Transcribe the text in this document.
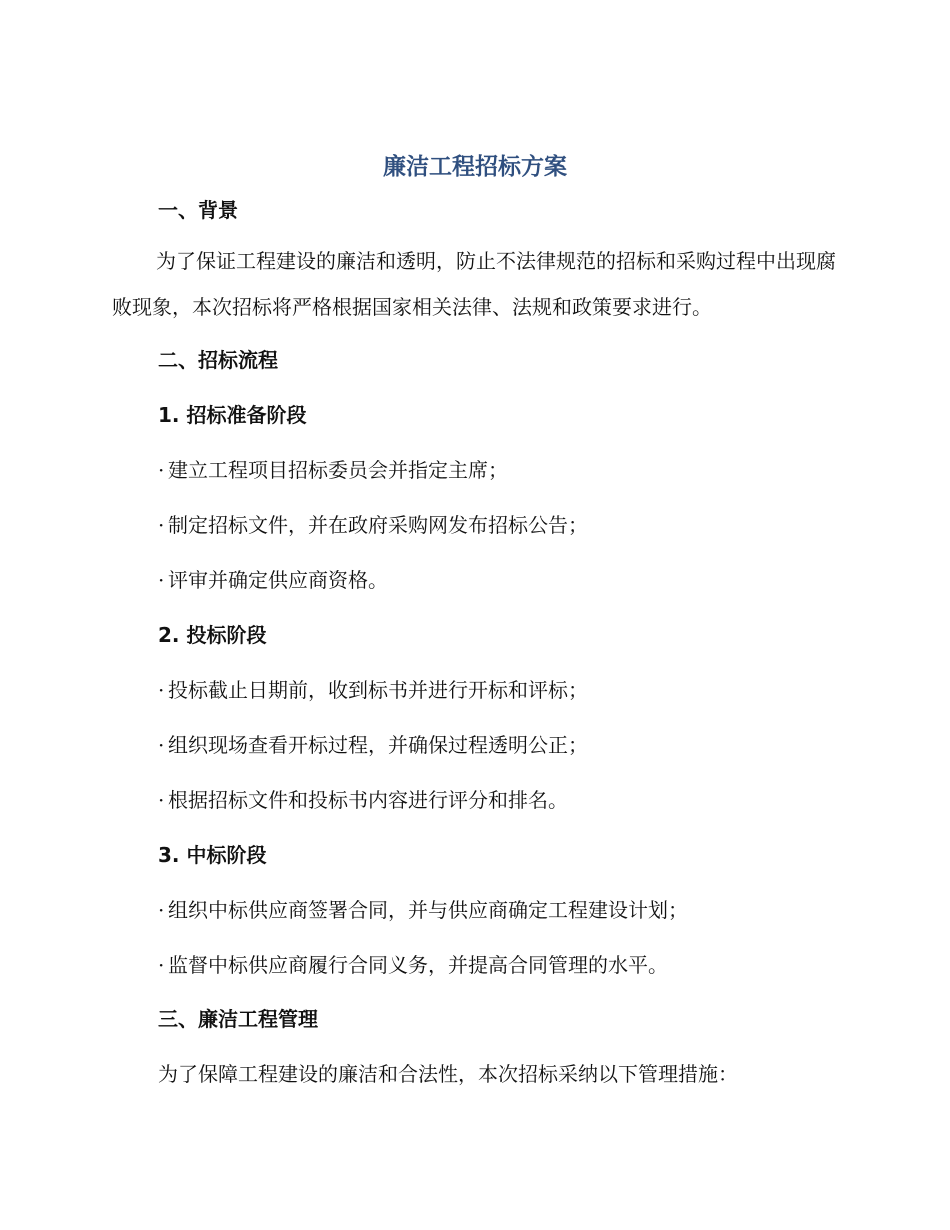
廉洁工程招标方案
一、背景

为了保证工程建设的廉洁和透明，防止不法律规范的招标和采购过程中出现腐败现象，本次招标将严格根据国家相关法律、法规和政策要求进行。

二、招标流程
1. 招标准备阶段

· 建立工程项目招标委员会并指定主席；

· 制定招标文件，并在政府采购网发布招标公告；

· 评审并确定供应商资格。

2. 投标阶段

· 投标截止日期前，收到标书并进行开标和评标；

· 组织现场查看开标过程，并确保过程透明公正；

· 根据招标文件和投标书内容进行评分和排名。

3. 中标阶段

· 组织中标供应商签署合同，并与供应商确定工程建设计划；

· 监督中标供应商履行合同义务，并提高合同管理的水平。

三、廉洁工程管理

为了保障工程建设的廉洁和合法性，本次招标采纳以下管理措施：
